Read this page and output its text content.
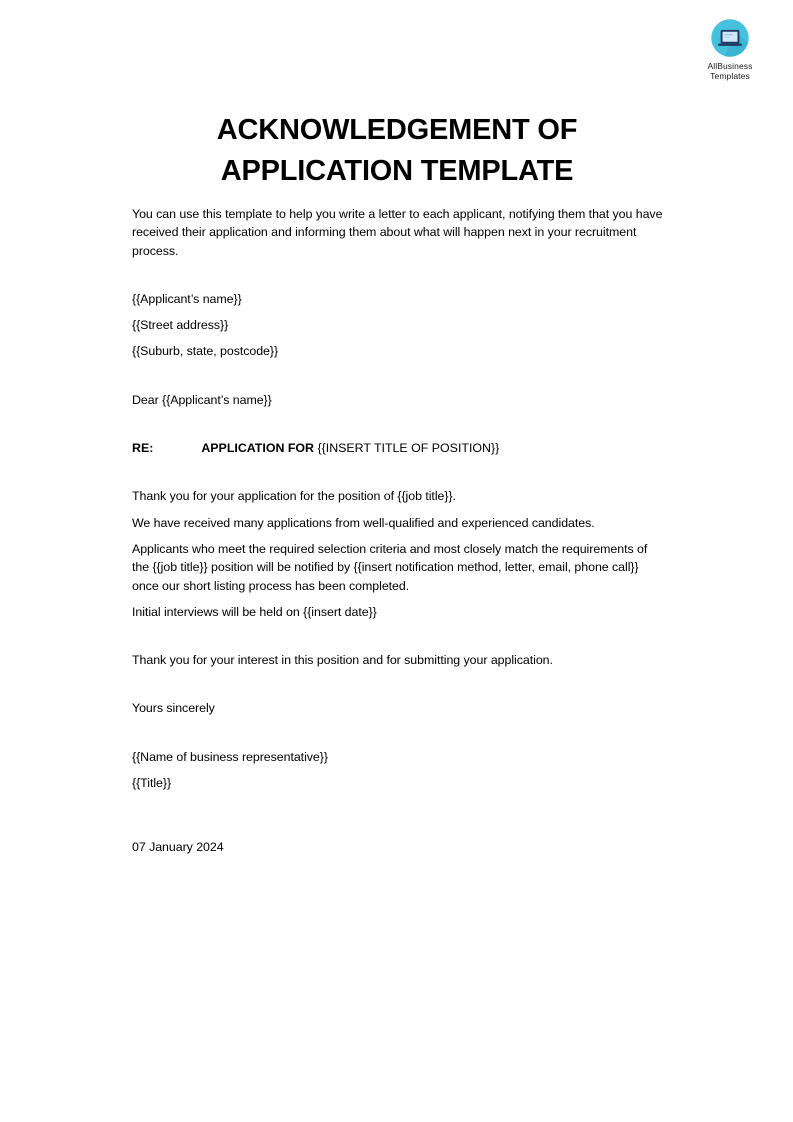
AllBusiness
Templates
ACKNOWLEDGEMENT OF
APPLICATION TEMPLATE

You can use this template to help you write a letter to each applicant, notifying them that you have received their application and informing them about what will happen next in your recruitment process.

{{Applicant’s name}}

{{Street address}}

{{Suburb, state, postcode}}

Dear {{Applicant’s name}}

RE:	APPLICATION FOR {{INSERT TITLE OF POSITION}}

Thank you for your application for the position of {{job title}}.

We have received many applications from well-qualified and experienced candidates.

Applicants who meet the required selection criteria and most closely match the requirements of the {{job title}} position will be notified by {{insert notification method, letter, email, phone call}} once our short listing process has been completed.

Initial interviews will be held on {{insert date}}

Thank you for your interest in this position and for submitting your application.

Yours sincerely

{{Name of business representative}}

{{Title}}

07 January 2024
